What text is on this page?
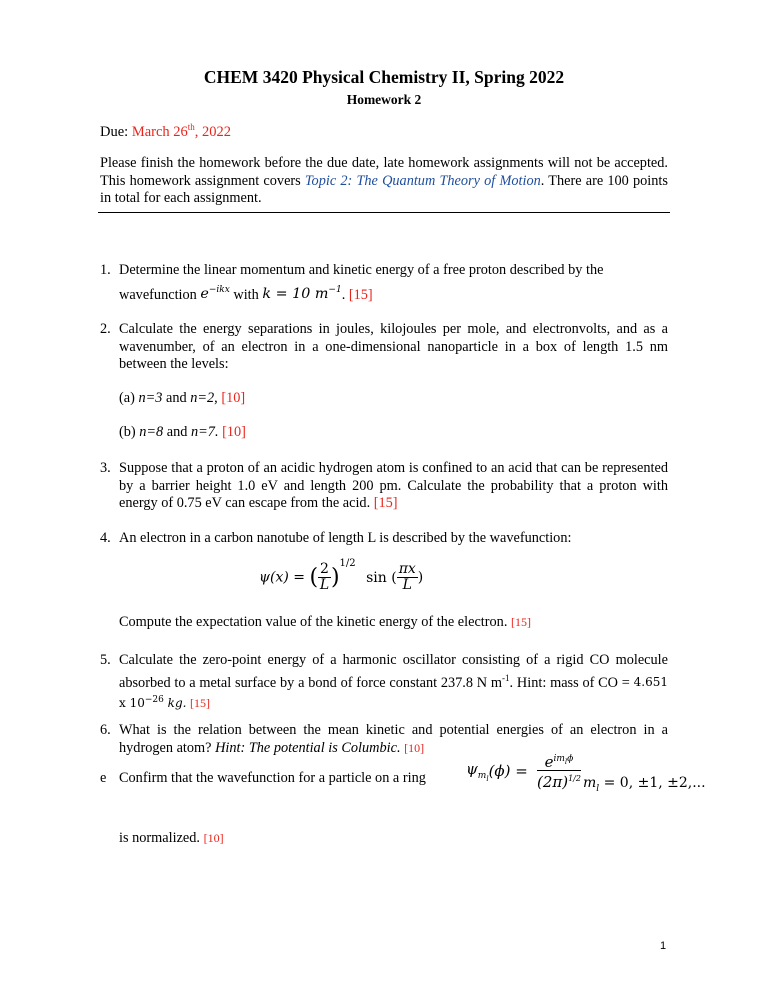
CHEM 3420 Physical Chemistry II, Spring 2022
Homework 2
Due: March 26th, 2022
Please finish the homework before the due date, late homework assignments will not be accepted. This homework assignment covers Topic 2: The Quantum Theory of Motion. There are 100 points in total for each assignment.
1. Determine the linear momentum and kinetic energy of a free proton described by the
wavefunction $e^{-ikx}$ with k = 10 $m^{-1}$. [15]
2. Calculate the energy separations in joules, kilojoules per mole, and electronvolts, and as a wavenumber, of an electron in a one-dimensional nanoparticle in a box of length 1.5 nm between the levels:
(a) n=3 and n=2, [10]
(b) n=8 and n=7. [10]
3. Suppose that a proton of an acidic hydrogen atom is confined to an acid that can be represented by a barrier height 1.0 eV and length 200 pm. Calculate the probability that a proton with energy of 0.75 eV can escape from the acid. [15]
4. An electron in a carbon nanotube of length L is described by the wavefunction:
ψ(x) = ( $\frac{2}{L} )^{1/2}$ sin ( $\frac{\pi x}{L}$ )
Compute the expectation value of the kinetic energy of the electron. [15]
5. Calculate the zero-point energy of a harmonic oscillator consisting of a rigid CO molecule absorbed to a metal surface by a bond of force constant 237.8 N $m^{-1}$. Hint: mass of CO = 4.651 x $10^{-26}$ kg. [15]
6. What is the relation between the mean kinetic and potential energies of an electron in a hydrogen atom? Hint: The potential is Columbic. [10]
e Confirm that the wavefunction for a particle on a ring
$\psi_{m_l}(\phi) = \frac{e^{im_l\phi}}{(2\pi)^{1/2}} m_l = 0$, ±1, ±2,...
is normalized. [10]
1
